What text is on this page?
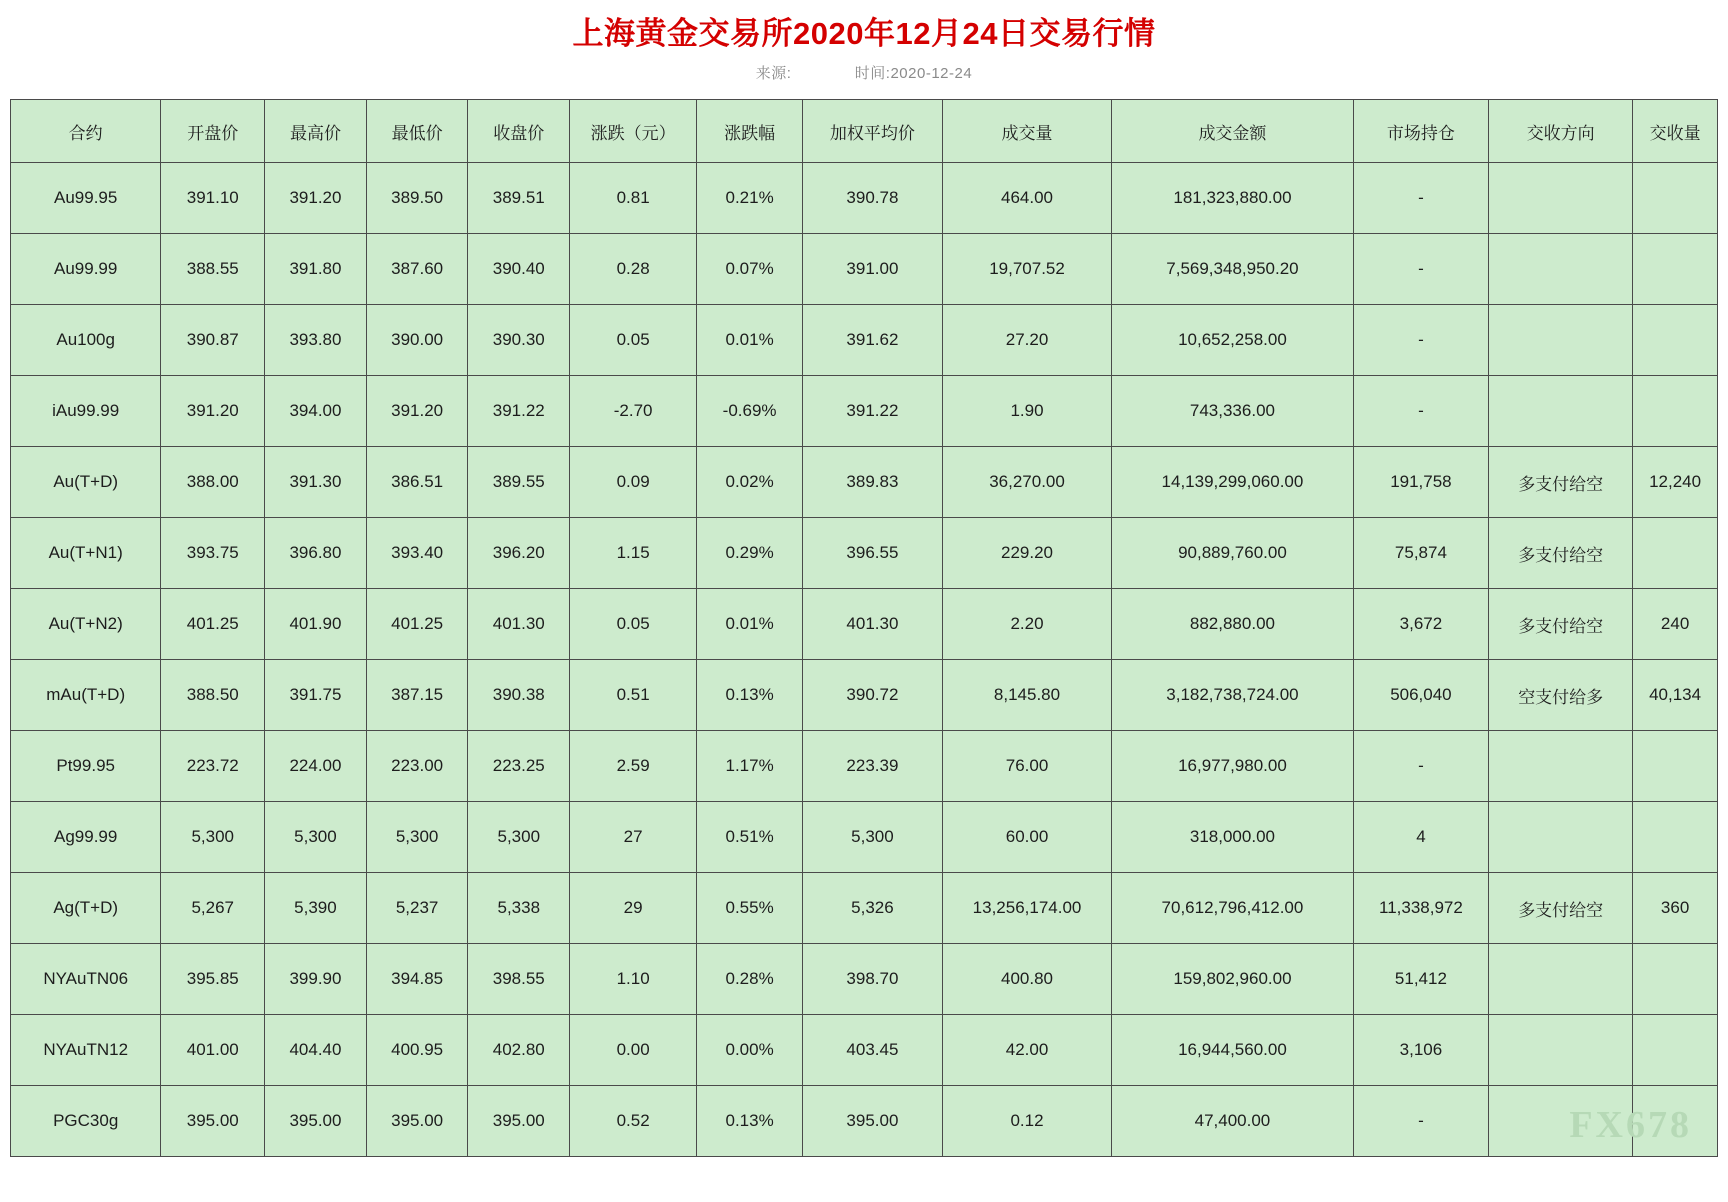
上海黄金交易所2020年12月24日交易行情
来源:	时间:2020-12-24
合约	开盘价	最高价	最低价	收盘价	涨跌（元）	涨跌幅	加权平均价	成交量	成交金额	市场持仓	交收方向	交收量
Au99.95	391.10	391.20	389.50	389.51	0.81	0.21%	390.78	464.00	181,323,880.00	-		
Au99.99	388.55	391.80	387.60	390.40	0.28	0.07%	391.00	19,707.52	7,569,348,950.20	-		
Au100g	390.87	393.80	390.00	390.30	0.05	0.01%	391.62	27.20	10,652,258.00	-		
iAu99.99	391.20	394.00	391.20	391.22	-2.70	-0.69%	391.22	1.90	743,336.00	-		
Au(T+D)	388.00	391.30	386.51	389.55	0.09	0.02%	389.83	36,270.00	14,139,299,060.00	191,758	多支付给空	12,240
Au(T+N1)	393.75	396.80	393.40	396.20	1.15	0.29%	396.55	229.20	90,889,760.00	75,874	多支付给空	
Au(T+N2)	401.25	401.90	401.25	401.30	0.05	0.01%	401.30	2.20	882,880.00	3,672	多支付给空	240
mAu(T+D)	388.50	391.75	387.15	390.38	0.51	0.13%	390.72	8,145.80	3,182,738,724.00	506,040	空支付给多	40,134
Pt99.95	223.72	224.00	223.00	223.25	2.59	1.17%	223.39	76.00	16,977,980.00	-		
Ag99.99	5,300	5,300	5,300	5,300	27	0.51%	5,300	60.00	318,000.00	4		
Ag(T+D)	5,267	5,390	5,237	5,338	29	0.55%	5,326	13,256,174.00	70,612,796,412.00	11,338,972	多支付给空	360
NYAuTN06	395.85	399.90	394.85	398.55	1.10	0.28%	398.70	400.80	159,802,960.00	51,412		
NYAuTN12	401.00	404.40	400.95	402.80	0.00	0.00%	403.45	42.00	16,944,560.00	3,106		
PGC30g	395.00	395.00	395.00	395.00	0.52	0.13%	395.00	0.12	47,400.00	-			FX678
